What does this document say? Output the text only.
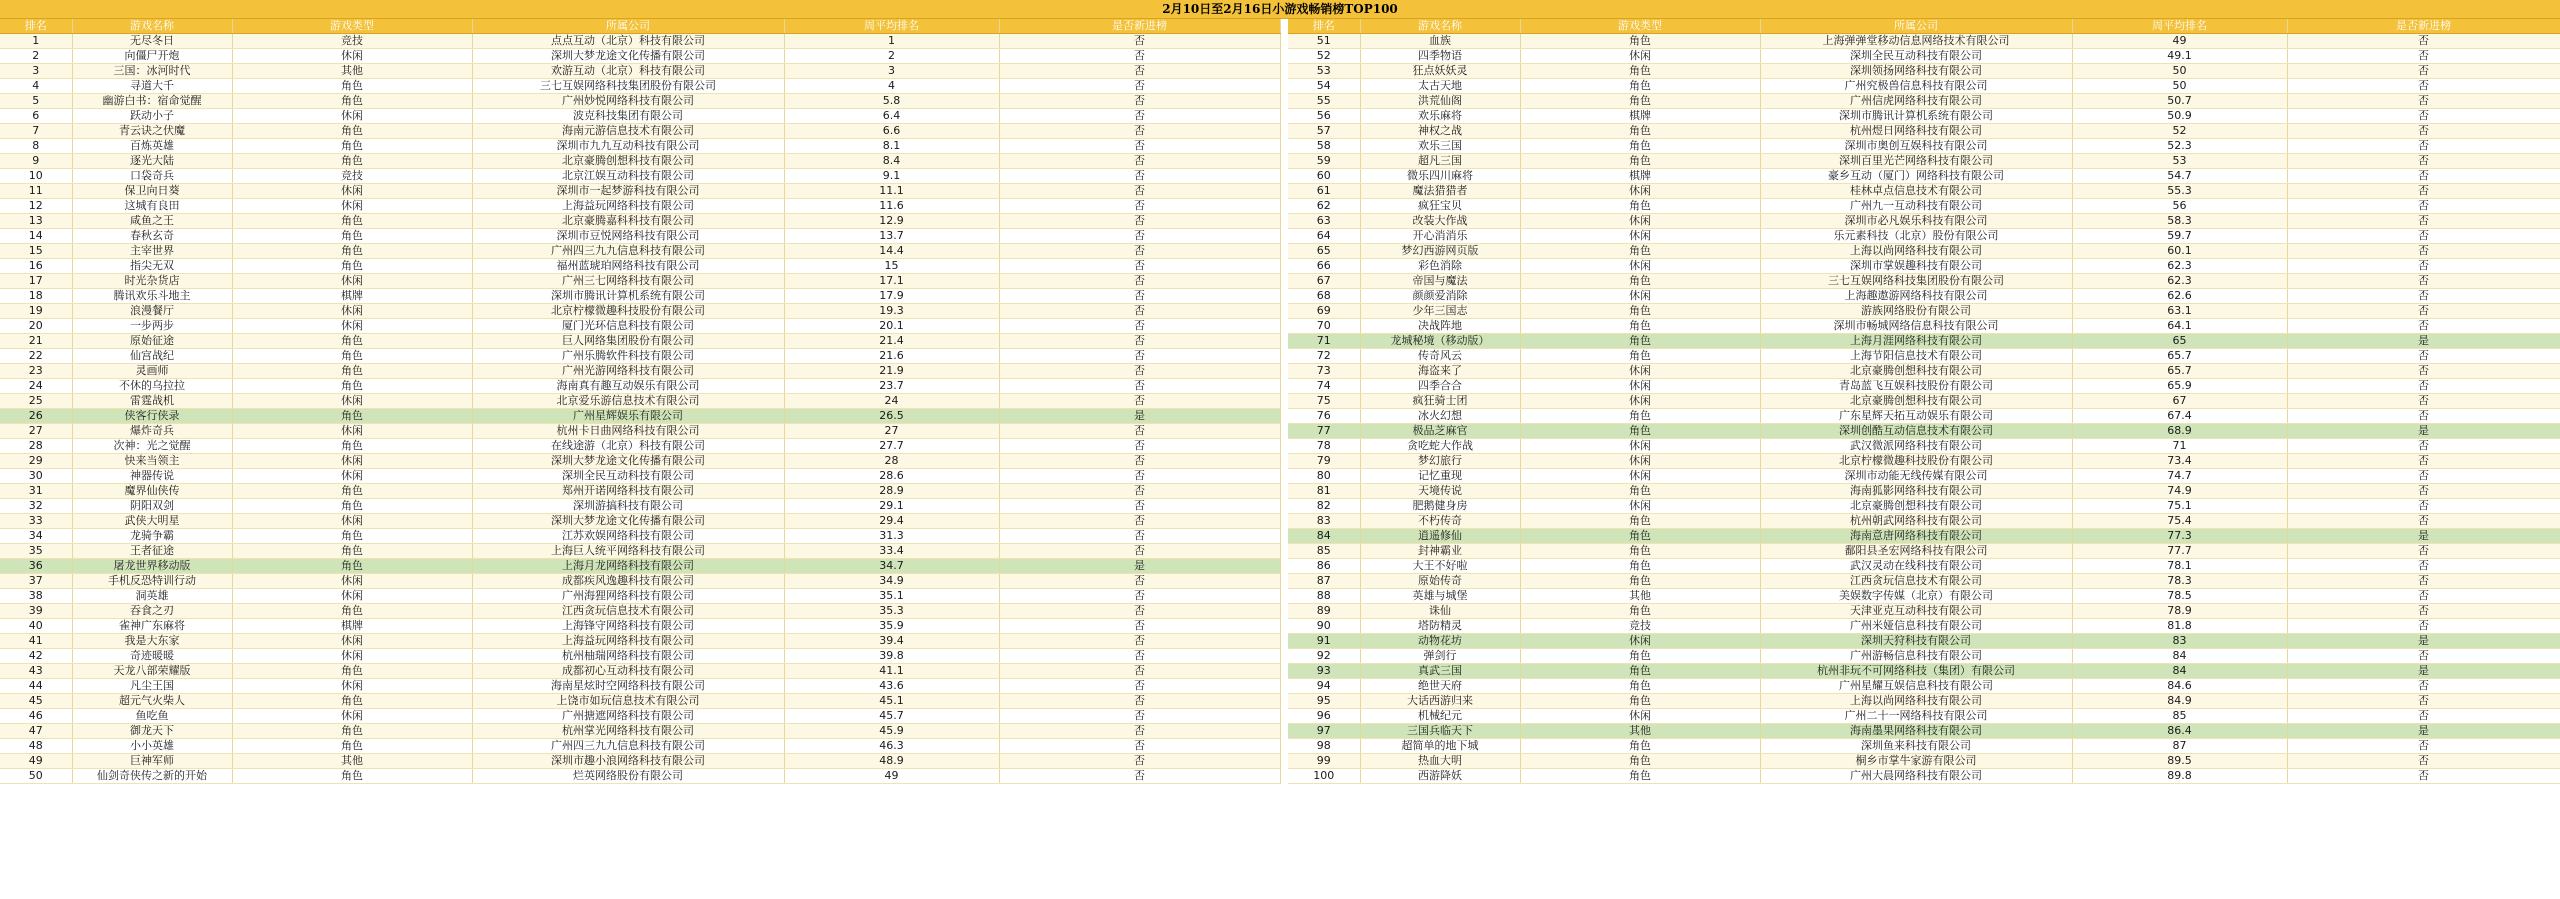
2月10日至2月16日小游戏畅销榜TOP100
排名	游戏名称	游戏类型	所属公司	周平均排名	是否新进榜		排名	游戏名称	游戏类型	所属公司	周平均排名	是否新进榜
1	无尽冬日	竞技	点点互动（北京）科技有限公司	1	否		51	血族	角色	上海弹弹堂移动信息网络技术有限公司	49	否
2	向僵尸开炮	休闲	深圳大梦龙途文化传播有限公司	2	否		52	四季物语	休闲	深圳全民互动科技有限公司	49.1	否
3	三国：冰河时代	其他	欢游互动（北京）科技有限公司	3	否		53	狂点妖妖灵	角色	深圳领扬网络科技有限公司	50	否
4	寻道大千	角色	三七互娱网络科技集团股份有限公司	4	否		54	太古天地	角色	广州究极兽信息科技有限公司	50	否
5	幽游白书：宿命觉醒	角色	广州妙悦网络科技有限公司	5.8	否		55	洪荒仙阁	角色	广州信虎网络科技有限公司	50.7	否
6	跃动小子	休闲	波克科技集团有限公司	6.4	否		56	欢乐麻将	棋牌	深圳市腾讯计算机系统有限公司	50.9	否
7	青云诀之伏魔	角色	海南元游信息技术有限公司	6.6	否		57	神权之战	角色	杭州煜日网络科技有限公司	52	否
8	百炼英雄	角色	深圳市九九互动科技有限公司	8.1	否		58	欢乐三国	角色	深圳市奥创互娱科技有限公司	52.3	否
9	逐光大陆	角色	北京豪腾创想科技有限公司	8.4	否		59	超凡三国	角色	深圳百里光芒网络科技有限公司	53	否
10	口袋奇兵	竞技	北京江娱互动科技有限公司	9.1	否		60	微乐四川麻将	棋牌	豪乡互动（厦门）网络科技有限公司	54.7	否
11	保卫向日葵	休闲	深圳市一起梦游科技有限公司	11.1	否		61	魔法猎猎者	休闲	桂林卓点信息技术有限公司	55.3	否
12	这城有良田	休闲	上海益玩网络科技有限公司	11.6	否		62	疯狂宝贝	角色	广州九一互动科技有限公司	56	否
13	咸鱼之王	角色	北京豪腾嘉科科技有限公司	12.9	否		63	改装大作战	休闲	深圳市必凡娱乐科技有限公司	58.3	否
14	春秋玄奇	角色	深圳市豆悦网络科技有限公司	13.7	否		64	开心消消乐	休闲	乐元素科技（北京）股份有限公司	59.7	否
15	主宰世界	角色	广州四三九九信息科技有限公司	14.4	否		65	梦幻西游网页版	角色	上海以尚网络科技有限公司	60.1	否
16	指尖无双	角色	福州蓝琥珀网络科技有限公司	15	否		66	彩色消除	休闲	深圳市掌娱趣科技有限公司	62.3	否
17	时光杂货店	休闲	广州三七网络科技有限公司	17.1	否		67	帝国与魔法	角色	三七互娱网络科技集团股份有限公司	62.3	否
18	腾讯欢乐斗地主	棋牌	深圳市腾讯计算机系统有限公司	17.9	否		68	颜颜爱消除	休闲	上海趣遨游网络科技有限公司	62.6	否
19	浪漫餐厅	休闲	北京柠檬微趣科技股份有限公司	19.3	否		69	少年三国志	角色	游族网络股份有限公司	63.1	否
20	一步两步	休闲	厦门光环信息科技有限公司	20.1	否		70	决战阵地	角色	深圳市畅城网络信息科技有限公司	64.1	否
21	原始征途	角色	巨人网络集团股份有限公司	21.4	否		71	龙城秘境（移动版）	角色	上海月涯网络科技有限公司	65	是
22	仙宫战纪	角色	广州乐腾软件科技有限公司	21.6	否		72	传奇风云	角色	上海节阳信息技术有限公司	65.7	否
23	灵画师	角色	广州光游网络科技有限公司	21.9	否		73	海盗来了	休闲	北京豪腾创想科技有限公司	65.7	否
24	不休的乌拉拉	角色	海南真有趣互动娱乐有限公司	23.7	否		74	四季合合	休闲	青岛蓝飞互娱科技股份有限公司	65.9	否
25	雷霆战机	休闲	北京爱乐游信息技术有限公司	24	否		75	疯狂骑士团	休闲	北京豪腾创想科技有限公司	67	否
26	侠客行侠录	角色	广州星辉娱乐有限公司	26.5	是		76	冰火幻想	角色	广东星辉天拓互动娱乐有限公司	67.4	否
27	爆炸奇兵	休闲	杭州卡日曲网络科技有限公司	27	否		77	极品芝麻官	角色	深圳创酷互动信息技术有限公司	68.9	是
28	次神：光之觉醒	角色	在线途游（北京）科技有限公司	27.7	否		78	贪吃蛇大作战	休闲	武汉微派网络科技有限公司	71	否
29	快来当领主	休闲	深圳大梦龙途文化传播有限公司	28	否		79	梦幻旅行	休闲	北京柠檬微趣科技股份有限公司	73.4	否
30	神器传说	休闲	深圳全民互动科技有限公司	28.6	否		80	记忆重现	休闲	深圳市动能无线传媒有限公司	74.7	否
31	魔界仙侠传	角色	郑州开诺网络科技有限公司	28.9	否		81	天境传说	角色	海南狐影网络科技有限公司	74.9	否
32	阴阳双剑	角色	深圳游搞科技有限公司	29.1	否		82	肥鹅健身房	休闲	北京豪腾创想科技有限公司	75.1	否
33	武侠大明星	休闲	深圳大梦龙途文化传播有限公司	29.4	否		83	不朽传奇	角色	杭州朝武网络科技有限公司	75.4	否
34	龙骑争霸	角色	江苏欢娱网络科技有限公司	31.3	否		84	逍遥修仙	角色	海南意唐网络科技有限公司	77.3	是
35	王者征途	角色	上海巨人统平网络科技有限公司	33.4	否		85	封神霸业	角色	鄱阳县圣宏网络科技有限公司	77.7	否
36	屠龙世界移动版	角色	上海月龙网络科技有限公司	34.7	是		86	大王不好啦	角色	武汉灵动在线科技有限公司	78.1	否
37	手机反恐特训行动	休闲	成都疾风逸趣科技有限公司	34.9	否		87	原始传奇	角色	江西贪玩信息技术有限公司	78.3	否
38	洞英雄	休闲	广州海狸网络科技有限公司	35.1	否		88	英雄与城堡	其他	美娱数字传媒（北京）有限公司	78.5	否
39	吞食之刃	角色	江西贪玩信息技术有限公司	35.3	否		89	诛仙	角色	天津亚克互动科技有限公司	78.9	否
40	雀神广东麻将	棋牌	上海锋守网络科技有限公司	35.9	否		90	塔防精灵	竞技	广州米娅信息科技有限公司	81.8	否
41	我是大东家	休闲	上海益玩网络科技有限公司	39.4	否		91	动物花坊	休闲	深圳天狩科技有限公司	83	是
42	奇迹暖暖	休闲	杭州柚瑞网络科技有限公司	39.8	否		92	弹剑行	角色	广州游畅信息科技有限公司	84	否
43	天龙八部荣耀版	角色	成都初心互动科技有限公司	41.1	否		93	真武三国	角色	杭州非玩不可网络科技（集团）有限公司	84	是
44	凡尘王国	休闲	海南星炫时空网络科技有限公司	43.6	否		94	绝世天府	角色	广州星耀互娱信息科技有限公司	84.6	否
45	超元气火柴人	角色	上饶市如玩信息技术有限公司	45.1	否		95	大话西游归来	角色	上海以尚网络科技有限公司	84.9	否
46	鱼吃鱼	休闲	广州搪遮网络科技有限公司	45.7	否		96	机械纪元	休闲	广州二十一网络科技有限公司	85	否
47	御龙天下	角色	杭州掌光网络科技有限公司	45.9	否		97	三国兵临天下	其他	海南墨果网络科技有限公司	86.4	是
48	小小英雄	角色	广州四三九九信息科技有限公司	46.3	否		98	超简单的地下城	角色	深圳鱼来科技有限公司	87	否
49	巨神军师	其他	深圳市趣小浪网络科技有限公司	48.9	否		99	热血大明	角色	桐乡市掌牛家游有限公司	89.5	否
50	仙剑奇侠传之新的开始	角色	烂英网络股份有限公司	49	否		100	西游降妖	角色	广州大晨网络科技有限公司	89.8	否
